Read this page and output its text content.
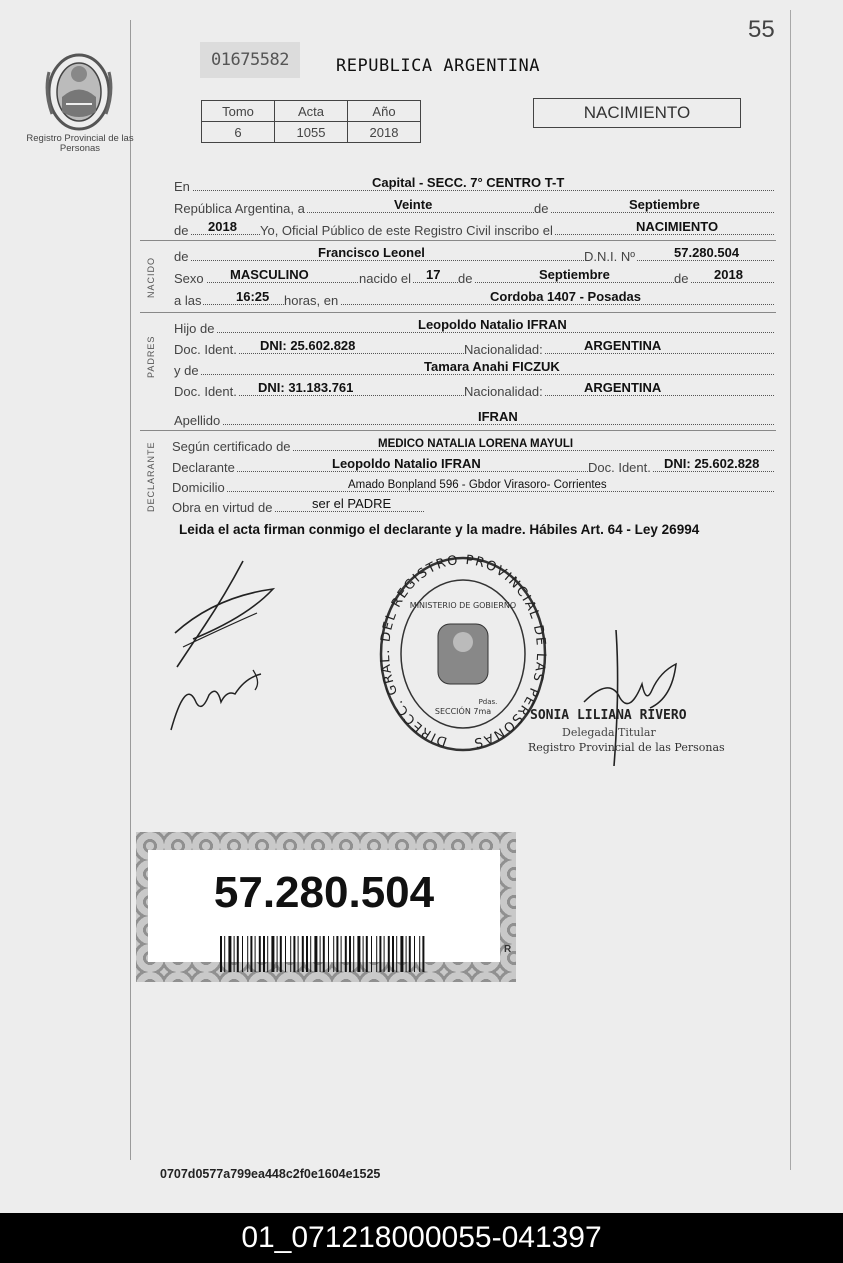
55
Registro Provincial de las Personas
01675582	REPUBLICA ARGENTINA
Tomo	Acta	Año
6	1055	2018
NACIMIENTO
En	Capital - SECC. 7° CENTRO T-T
República Argentina, a	Veinte	de	Septiembre
de 2018 Yo, Oficial Público de este Registro Civil inscribo el	NACIMIENTO
NACIDO
de	Francisco Leonel	D.N.I. Nº	57.280.504
Sexo MASCULINO	nacido el 17 de	Septiembre	de 2018
a las	16:25 horas, en	Cordoba 1407 - Posadas
PADRES
Hijo de	Leopoldo Natalio IFRAN
Doc. Ident. DNI: 25.602.828	Nacionalidad:	ARGENTINA
y de	Tamara Anahi FICZUK
Doc. Ident. DNI: 31.183.761	Nacionalidad:	ARGENTINA
Apellido	IFRAN
DECLARANTE Según certificado de	MEDICO NATALIA LORENA MAYULI
Declarante	Leopoldo Natalio IFRAN	Doc. Ident. DNI: 25.602.828
Domicilio	Amado Bonpland 596 - Gbdor Virasoro- Corrientes
Obra en virtud de	ser el PADRE
Leida el acta firman conmigo el declarante y la madre. Hábiles Art. 64 - Ley 26994
DIRECC. GRAL. DEL REGISTRO PROVINCIAL DE LAS PERSONAS
MINISTERIO DE GOBIERNO
SECCIÓN 7ma
Pdas.
SONIA LILIANA RIVERO
Delegada Titular
Registro Provincial de las Personas
57.280.504
R
0707d0577a799ea448c2f0e1604e1525
01_071218000055-041397
